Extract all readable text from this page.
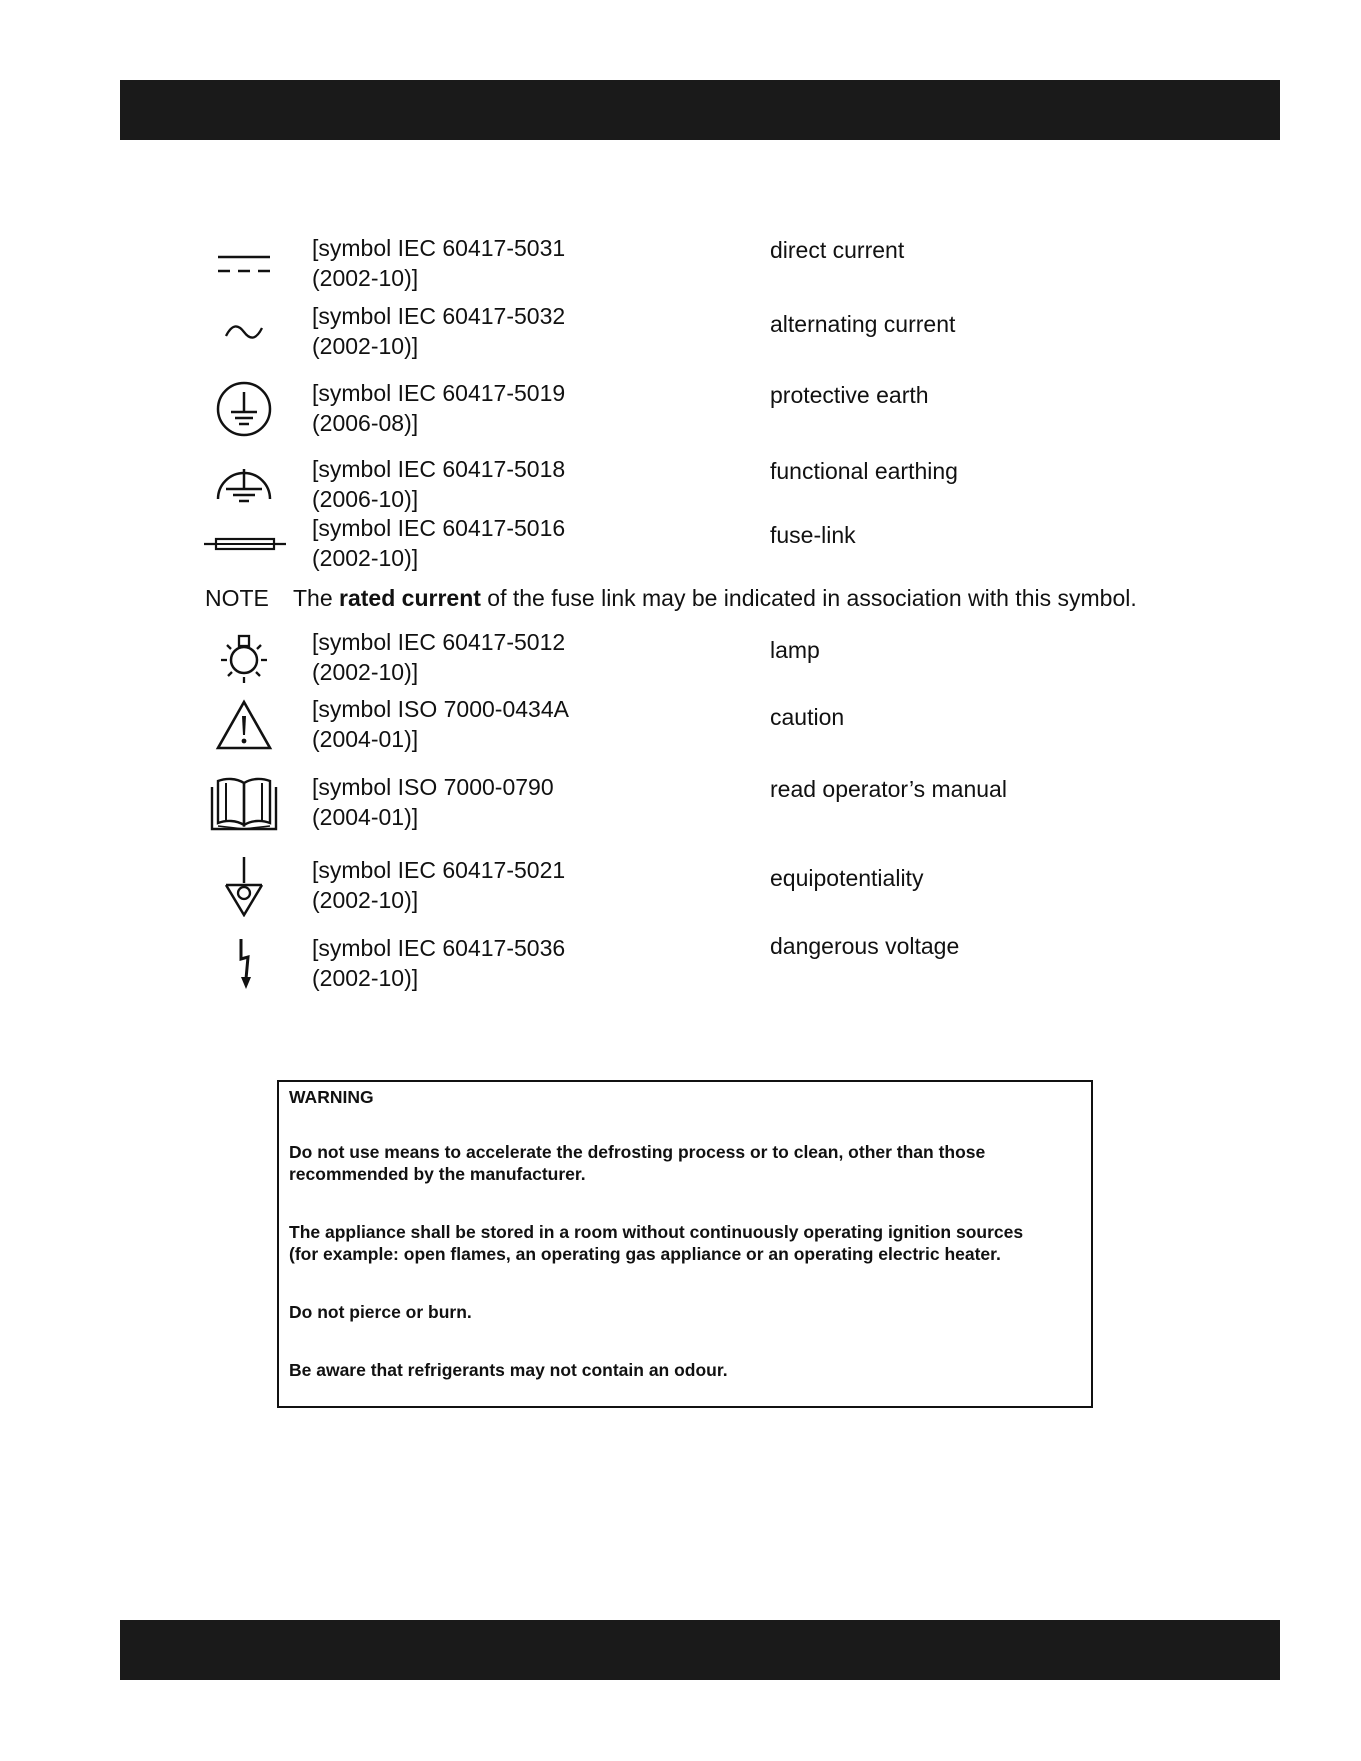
[symbol IEC 60417-5031
(2002-10)]
direct current
[symbol IEC 60417-5032
(2002-10)]
alternating current
[symbol IEC 60417-5019
(2006-08)]
protective earth
[symbol IEC 60417-5018
(2006-10)]
functional earthing
[symbol IEC 60417-5016
(2002-10)]
fuse-link
NOTE The rated current of the fuse link may be indicated in association with this symbol.
[symbol IEC 60417-5012
(2002-10)]
lamp
[symbol ISO 7000-0434A
(2004-01)]
caution
[symbol ISO 7000-0790
(2004-01)]
read operator’s manual
[symbol IEC 60417-5021
(2002-10)]
equipotentiality
[symbol IEC 60417-5036
(2002-10)]
dangerous voltage

WARNING

Do not use means to accelerate the defrosting process or to clean, other than those

recommended by the manufacturer.

The appliance shall be stored in a room without continuously operating ignition sources

(for example: open flames, an operating gas appliance or an operating electric heater.

Do not pierce or burn.

Be aware that refrigerants may not contain an odour.
